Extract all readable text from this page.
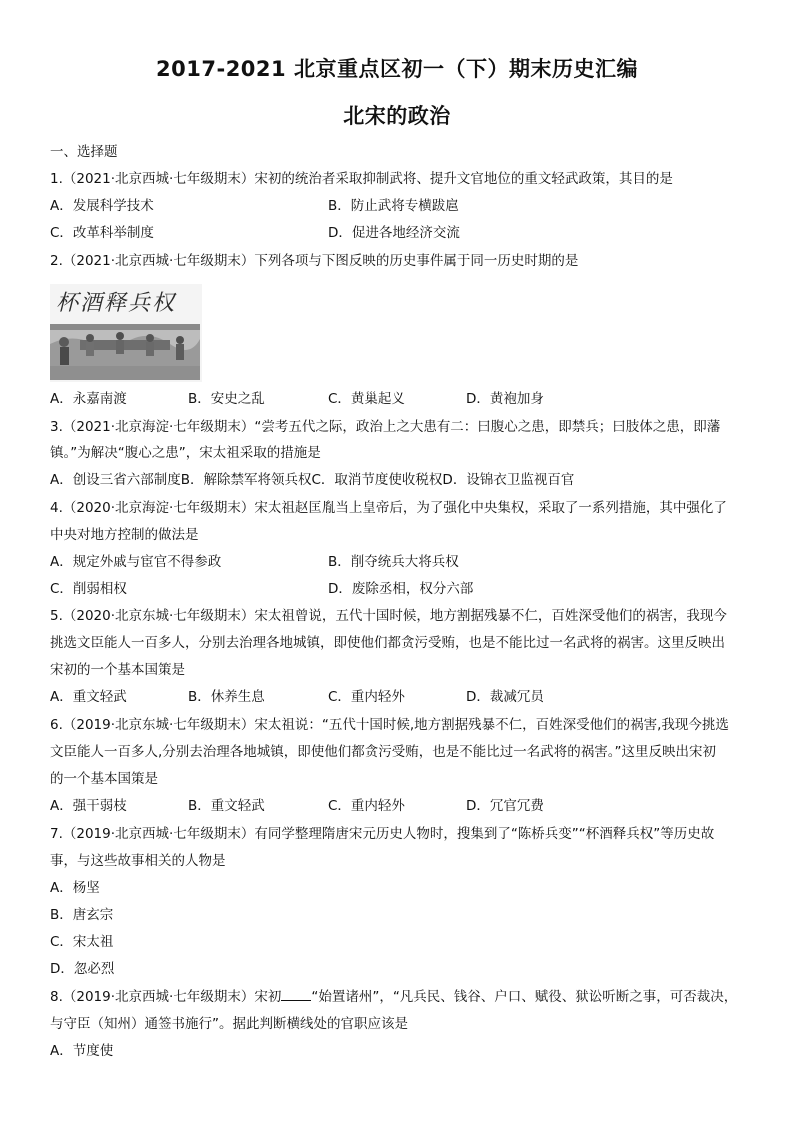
2017-2021 北京重点区初一（下）期末历史汇编
北宋的政治
一、选择题
1.（2021·北京西城·七年级期末）宋初的统治者采取抑制武将、提升文官地位的重文轻武政策，其目的是
A．发展科学技术	B．防止武将专横跋扈
C．改革科举制度	D．促进各地经济交流
2.（2021·北京西城·七年级期末）下列各项与下图反映的历史事件属于同一历史时期的是
杯酒释兵权
A．永嘉南渡	B．安史之乱	C．黄巢起义	D．黄袍加身
3.（2021·北京海淀·七年级期末）“尝考五代之际，政治上之大患有二：曰腹心之患，即禁兵；曰肢体之患，即藩
镇。”为解决“腹心之患”，宋太祖采取的措施是
A．创设三省六部制度B．解除禁军将领兵权C．取消节度使收税权D．设锦衣卫监视百官
4.（2020·北京海淀·七年级期末）宋太祖赵匡胤当上皇帝后，为了强化中央集权，采取了一系列措施，其中强化了
中央对地方控制的做法是
A．规定外戚与宦官不得参政	B．削夺统兵大将兵权
C．削弱相权	D．废除丞相，权分六部
5.（2020·北京东城·七年级期末）宋太祖曾说，五代十国时候，地方割据残暴不仁，百姓深受他们的祸害，我现今
挑选文臣能人一百多人，分别去治理各地城镇，即使他们都贪污受贿，也是不能比过一名武将的祸害。这里反映出
宋初的一个基本国策是
A．重文轻武	B．休养生息	C．重内轻外	D．裁减冗员
6.（2019·北京东城·七年级期末）宋太祖说：“五代十国时候,地方割据残暴不仁，百姓深受他们的祸害,我现今挑选
文臣能人一百多人,分别去治理各地城镇，即使他们都贪污受贿，也是不能比过一名武将的祸害。”这里反映出宋初
的一个基本国策是
A．强干弱枝	B．重文轻武	C．重内轻外	D．冗官冗费
7.（2019·北京西城·七年级期末）有同学整理隋唐宋元历史人物时，搜集到了“陈桥兵变”“杯酒释兵权”等历史故
事，与这些故事相关的人物是
A．杨坚
B．唐玄宗
C．宋太祖
D．忽必烈
8.（2019·北京西城·七年级期末）宋初 “始置诸州”，“凡兵民、钱谷、户口、赋役、狱讼听断之事，可否裁决，
与守臣（知州）通签书施行”。据此判断横线处的官职应该是
A．节度使
